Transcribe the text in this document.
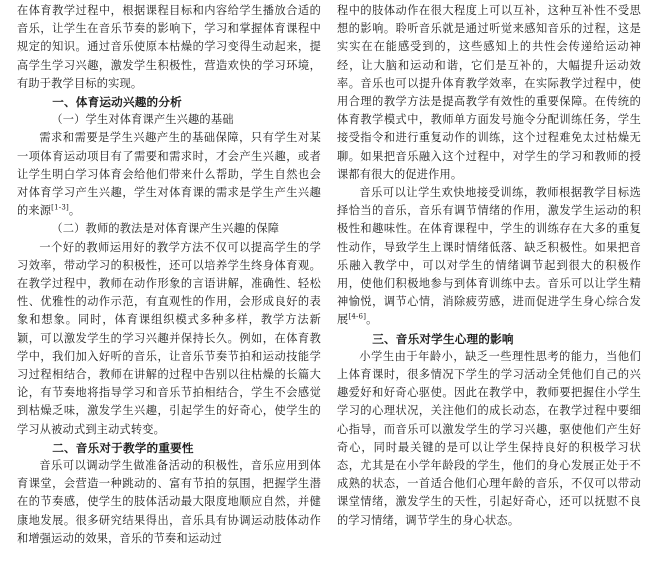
在体育教学过程中，根据课程目标和内容给学生播放合适的音乐，让学生在音乐节奏的影响下，学习和掌握体育课程中规定的知识。通过音乐使原本枯燥的学习变得生动起来，提高学生学习兴趣，激发学生积极性，营造欢快的学习环境，有助于教学目标的实现。

一、体育运动兴趣的分析

（一）学生对体育课产生兴趣的基础

需求和需要是学生兴趣产生的基础保障，只有学生对某一项体育运动项目有了需要和需求时，才会产生兴趣，或者让学生明白学习体育会给他们带来什么帮助，学生自然也会对体育学习产生兴趣，学生对体育课的需求是学生产生兴趣的来源[1-3]。

（二）教师的教法是对体育课产生兴趣的保障

一个好的教师运用好的教学方法不仅可以提高学生的学习效率，带动学习的积极性，还可以培养学生终身体育观。在教学过程中，教师在动作形象的言语讲解，准确性、轻松性、优雅性的动作示范，有直观性的作用，会形成良好的表象和想象。同时，体育课组织模式多种多样，教学方法新颖，可以激发学生的学习兴趣并保持长久。例如，在体育教学中，我们加入好听的音乐，让音乐节奏节拍和运动技能学习过程相结合，教师在讲解的过程中告别以往枯燥的长篇大论，有节奏地将指导学习和音乐节拍相结合，学生不会感觉到枯燥乏味，激发学生兴趣，引起学生的好奇心，使学生的学习从被动式到主动式转变。

二、音乐对于教学的重要性

音乐可以调动学生做准备活动的积极性，音乐应用到体育课堂，会营造一种跳动的、富有节拍的氛围，把握学生潜在的节奏感，使学生的肢体活动最大限度地顺应自然，并健康地发展。很多研究结果得出，音乐具有协调运动肢体动作和增强运动的效果，音乐的节奏和运动过

程中的肢体动作在很大程度上可以互补，这种互补性不受思想的影响。聆听音乐就是通过听觉来感知音乐的过程，这是实实在在能感受到的，这些感知上的共性会传递给运动神经，让大脑和运动和谐，它们是互补的，大幅提升运动效率。音乐也可以提升体育教学效率，在实际教学过程中，使用合理的教学方法是提高教学有效性的重要保障。在传统的体育教学模式中，教师单方面发号施令分配训练任务，学生接受指令和进行重复动作的训练，这个过程难免太过枯燥无聊。如果把音乐融入这个过程中，对学生的学习和教师的授课都有很大的促进作用。

音乐可以让学生欢快地接受训练，教师根据教学目标选择恰当的音乐，音乐有调节情绪的作用，激发学生运动的积极性和趣味性。在体育课程中，学生的训练存在大多的重复性动作，导致学生上课时情绪低落、缺乏积极性。如果把音乐融入教学中，可以对学生的情绪调节起到很大的积极作用，使他们积极地参与到体育训练中去。音乐可以让学生精神愉悦，调节心情，消除疲劳感，进而促进学生身心综合发展[4-6]。

三、音乐对学生心理的影响

小学生由于年龄小，缺乏一些理性思考的能力，当他们上体育课时，很多情况下学生的学习活动全凭他们自己的兴趣爱好和好奇心驱使。因此在教学中，教师要把握住小学生学习的心理状况，关注他们的成长动态，在教学过程中要细心指导，而音乐可以激发学生的学习兴趣，驱使他们产生好奇心，同时最关键的是可以让学生保持良好的积极学习状态，尤其是在小学年龄段的学生，他们的身心发展正处于不成熟的状态，一首适合他们心理年龄的音乐，不仅可以带动课堂情绪，激发学生的天性，引起好奇心，还可以抚慰不良的学习情绪，调节学生的身心状态。
